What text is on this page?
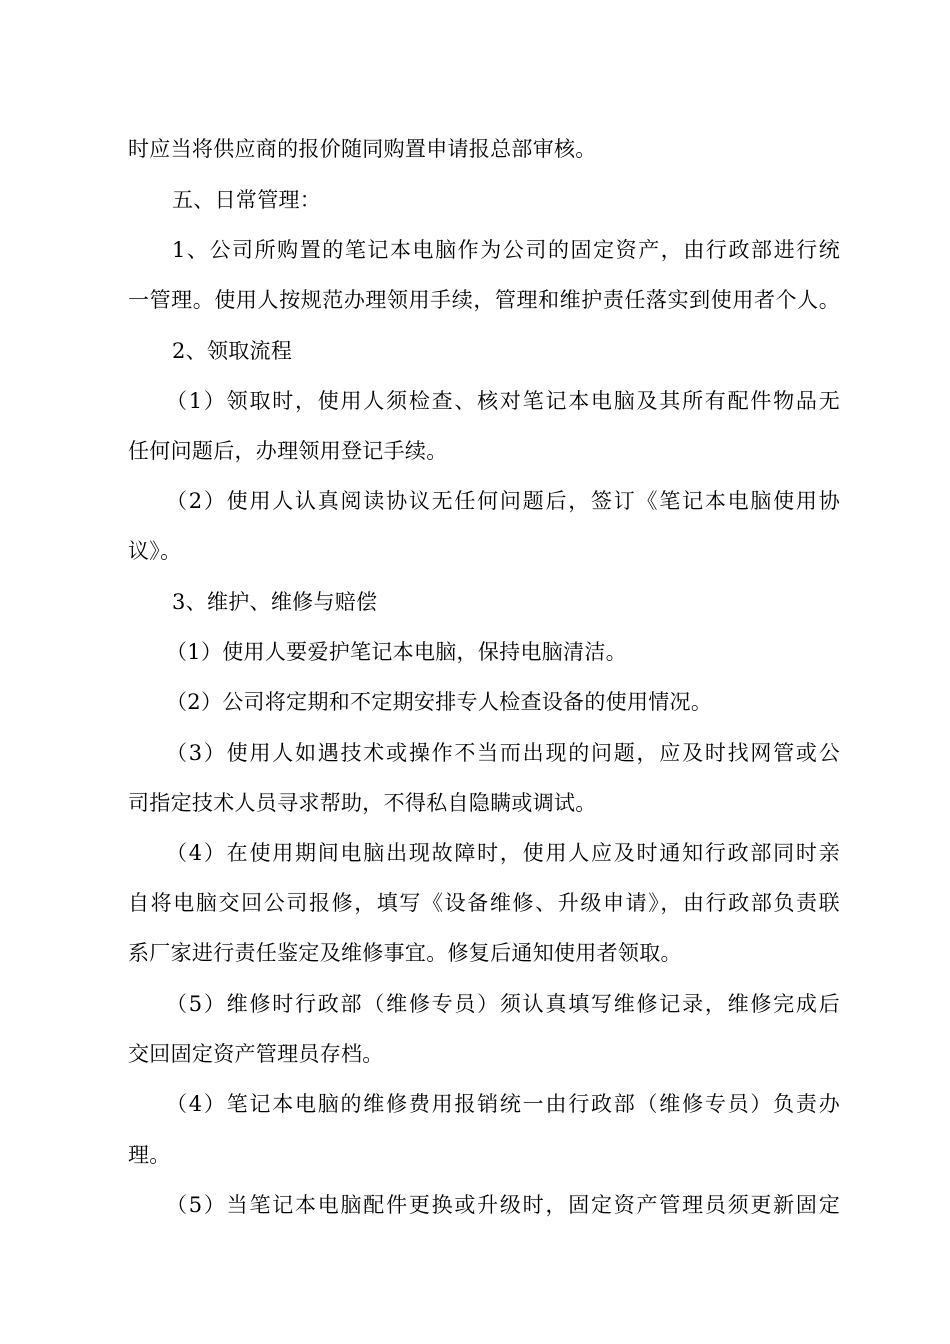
时应当将供应商的报价随同购置申请报总部审核。
五、日常管理：
1、公司所购置的笔记本电脑作为公司的固定资产，由行政部进行统
一管理。使用人按规范办理领用手续，管理和维护责任落实到使用者个人。
2、领取流程
（1）领取时，使用人须检查、核对笔记本电脑及其所有配件物品无
任何问题后，办理领用登记手续。
（2）使用人认真阅读协议无任何问题后，签订《笔记本电脑使用协
议》。
3、维护、维修与赔偿
（1）使用人要爱护笔记本电脑，保持电脑清洁。
（2）公司将定期和不定期安排专人检查设备的使用情况。
（3）使用人如遇技术或操作不当而出现的问题，应及时找网管或公
司指定技术人员寻求帮助，不得私自隐瞒或调试。
（4）在使用期间电脑出现故障时，使用人应及时通知行政部同时亲
自将电脑交回公司报修，填写《设备维修、升级申请》，由行政部负责联
系厂家进行责任鉴定及维修事宜。修复后通知使用者领取。
（5）维修时行政部（维修专员）须认真填写维修记录，维修完成后
交回固定资产管理员存档。
（4）笔记本电脑的维修费用报销统一由行政部（维修专员）负责办
理。
（5）当笔记本电脑配件更换或升级时，固定资产管理员须更新固定
